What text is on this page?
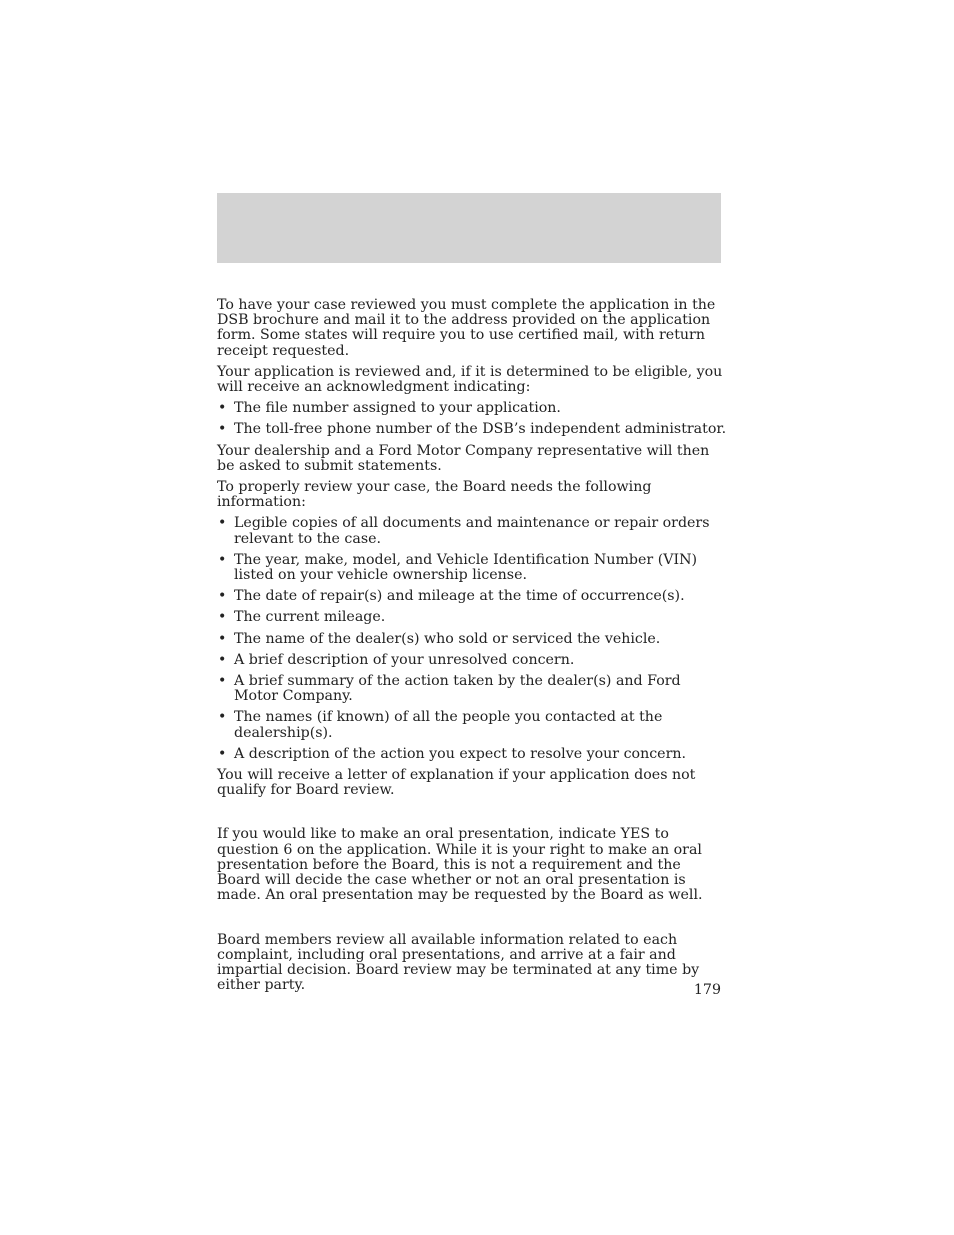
To have your case reviewed you must complete the application in the DSB brochure and mail it to the address provided on the application form. Some states will require you to use certified mail, with return receipt requested.

Your application is reviewed and, if it is determined to be eligible, you will receive an acknowledgment indicating:

• The file number assigned to your application.
• The toll-free phone number of the DSB’s independent administrator.

Your dealership and a Ford Motor Company representative will then be asked to submit statements.

To properly review your case, the Board needs the following information:

• Legible copies of all documents and maintenance or repair orders relevant to the case.
• The year, make, model, and Vehicle Identification Number (VIN) listed on your vehicle ownership license.
• The date of repair(s) and mileage at the time of occurrence(s).
• The current mileage.
• The name of the dealer(s) who sold or serviced the vehicle.
• A brief description of your unresolved concern.
• A brief summary of the action taken by the dealer(s) and Ford Motor Company.
• The names (if known) of all the people you contacted at the dealership(s).
• A description of the action you expect to resolve your concern.

You will receive a letter of explanation if your application does not qualify for Board review.

If you would like to make an oral presentation, indicate YES to question 6 on the application. While it is your right to make an oral presentation before the Board, this is not a requirement and the Board will decide the case whether or not an oral presentation is made. An oral presentation may be requested by the Board as well.

Board members review all available information related to each complaint, including oral presentations, and arrive at a fair and impartial decision. Board review may be terminated at any time by either party.	179
